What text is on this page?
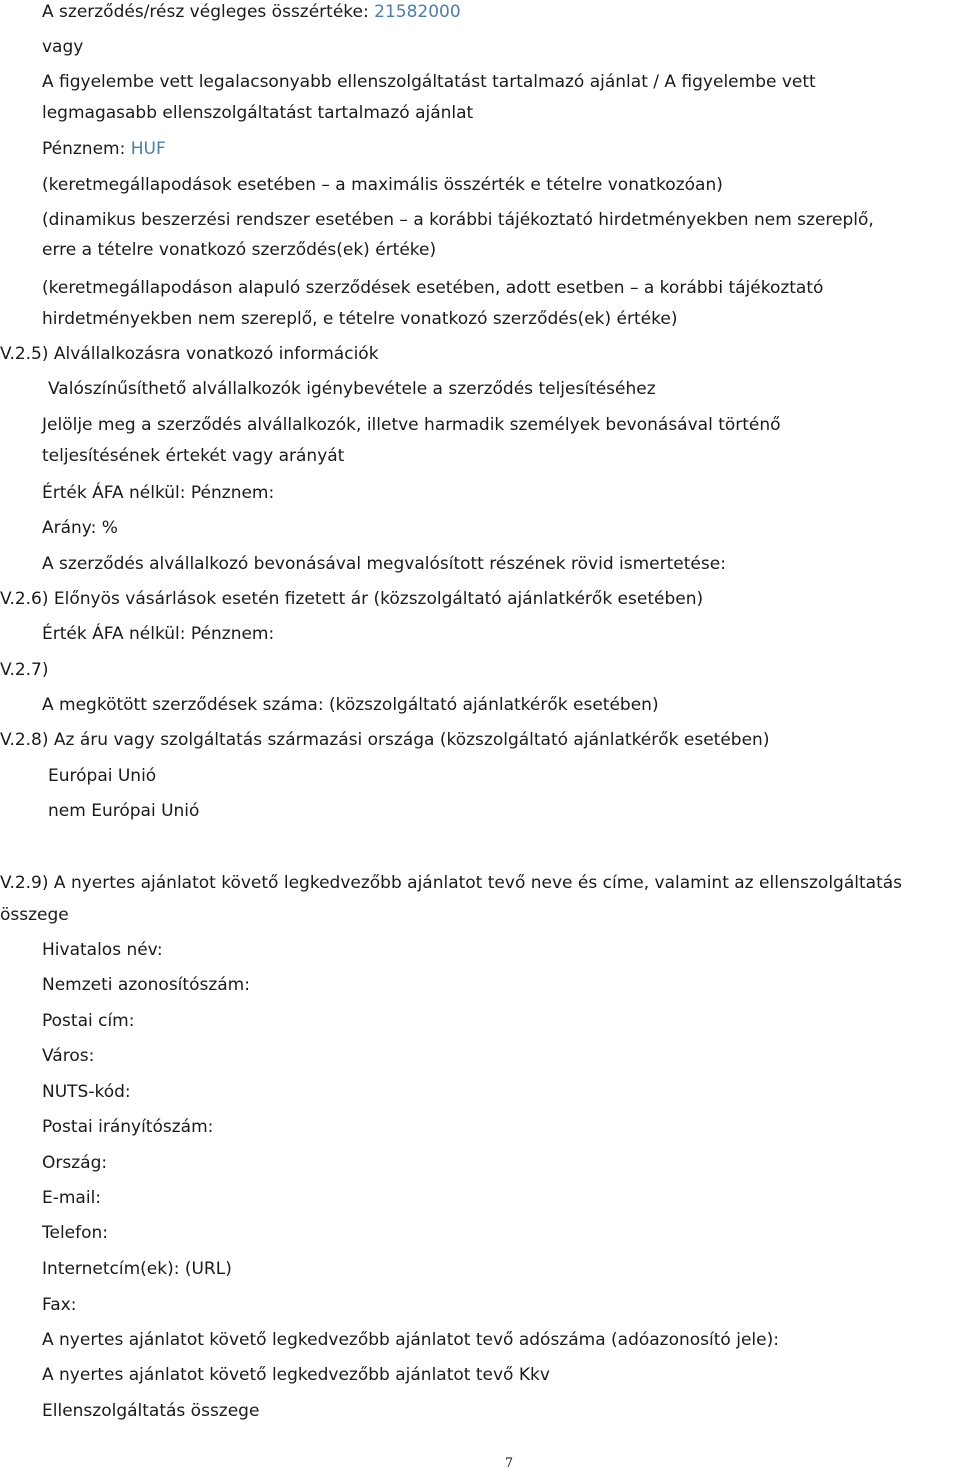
A szerződés/rész végleges összértéke: 21582000
vagy
A figyelembe vett legalacsonyabb ellenszolgáltatást tartalmazó ajánlat / A figyelembe vett
legmagasabb ellenszolgáltatást tartalmazó ajánlat
Pénznem: HUF
(keretmegállapodások esetében – a maximális összérték e tételre vonatkozóan)
(dinamikus beszerzési rendszer esetében – a korábbi tájékoztató hirdetményekben nem szereplő,
erre a tételre vonatkozó szerződés(ek) értéke)
(keretmegállapodáson alapuló szerződések esetében, adott esetben – a korábbi tájékoztató
hirdetményekben nem szereplő, e tételre vonatkozó szerződés(ek) értéke)
V.2.5) Alvállalkozásra vonatkozó információk
Valószínűsíthető alvállalkozók igénybevétele a szerződés teljesítéséhez
Jelölje meg a szerződés alvállalkozók, illetve harmadik személyek bevonásával történő
teljesítésének értekét vagy arányát
Érték ÁFA nélkül: Pénznem:
Arány: %
A szerződés alvállalkozó bevonásával megvalósított részének rövid ismertetése:
V.2.6) Előnyös vásárlások esetén fizetett ár (közszolgáltató ajánlatkérők esetében)
Érték ÁFA nélkül: Pénznem:
V.2.7)
A megkötött szerződések száma: (közszolgáltató ajánlatkérők esetében)
V.2.8) Az áru vagy szolgáltatás származási országa (közszolgáltató ajánlatkérők esetében)
Európai Unió
nem Európai Unió
V.2.9) A nyertes ajánlatot követő legkedvezőbb ajánlatot tevő neve és címe, valamint az ellenszolgáltatás
összege
Hivatalos név:
Nemzeti azonosítószám:
Postai cím:
Város:
NUTS-kód:
Postai irányítószám:
Ország:
E-mail:
Telefon:
Internetcím(ek): (URL)
Fax:
A nyertes ajánlatot követő legkedvezőbb ajánlatot tevő adószáma (adóazonosító jele):
A nyertes ajánlatot követő legkedvezőbb ajánlatot tevő Kkv
Ellenszolgáltatás összege
7
